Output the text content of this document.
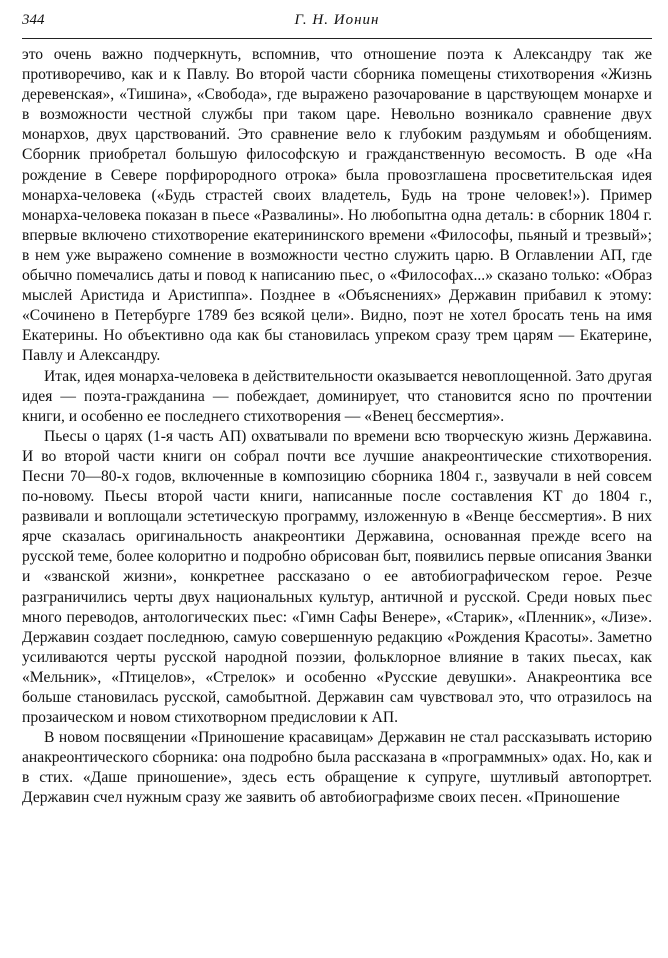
344	Г. Н. Ионин

это очень важно подчеркнуть, вспомнив, что отношение поэта к Александру так же противоречиво, как и к Павлу. Во второй части сборника помещены стихотворения «Жизнь деревенская», «Тишина», «Свобода», где выражено разочарование в царствующем монархе и в возможности честной службы при таком царе. Невольно возникало сравнение двух монархов, двух царствований. Это сравнение вело к глубоким раздумьям и обобщениям. Сборник приобретал большую философскую и гражданственную весомость. В оде «На рождение в Севере порфирородного отрока» была провозглашена просветительская идея монарха-человека («Будь страстей своих владетель, Будь на троне человек!»). Пример монарха-человека показан в пьесе «Развалины». Но любопытна одна деталь: в сборник 1804 г. впервые включено стихотворение екатерининского времени «Философы, пьяный и трезвый»; в нем уже выражено сомнение в возможности честно служить царю. В Оглавлении АП, где обычно помечались даты и повод к написанию пьес, о «Философах...» сказано только: «Образ мыслей Аристида и Аристиппа». Позднее в «Объяснениях» Державин прибавил к этому: «Сочинено в Петербурге 1789 без всякой цели». Видно, поэт не хотел бросать тень на имя Екатерины. Но объективно ода как бы становилась упреком сразу трем царям — Екатерине, Павлу и Александру.

Итак, идея монарха-человека в действительности оказывается невоплощенной. Зато другая идея — поэта-гражданина — побеждает, доминирует, что становится ясно по прочтении книги, и особенно ее последнего стихотворения — «Венец бессмертия».

Пьесы о царях (1-я часть АП) охватывали по времени всю творческую жизнь Державина. И во второй части книги он собрал почти все лучшие анакреонтические стихотворения. Песни 70—80-х годов, включенные в композицию сборника 1804 г., зазвучали в ней совсем по-новому. Пьесы второй части книги, написанные после составления КТ до 1804 г., развивали и воплощали эстетическую программу, изложенную в «Венце бессмертия». В них ярче сказалась оригинальность анакреонтики Державина, основанная прежде всего на русской теме, более колоритно и подробно обрисован быт, появились первые описания Званки и «званской жизни», конкретнее рассказано о ее автобиографическом герое. Резче разграничились черты двух национальных культур, античной и русской. Среди новых пьес много переводов, антологических пьес: «Гимн Сафы Венере», «Старик», «Пленник», «Лизе». Державин создает последнюю, самую совершенную редакцию «Рождения Красоты». Заметно усиливаются черты русской народной поэзии, фольклорное влияние в таких пьесах, как «Мельник», «Птицелов», «Стрелок» и особенно «Русские девушки». Анакреонтика все больше становилась русской, самобытной. Державин сам чувствовал это, что отразилось на прозаическом и новом стихотворном предисловии к АП.

В новом посвящении «Приношение красавицам» Державин не стал рассказывать историю анакреонтического сборника: она подробно была рассказана в «программных» одах. Но, как и в стих. «Даше приношение», здесь есть обращение к супруге, шутливый автопортрет. Державин счел нужным сразу же заявить об автобиографизме своих песен. «Приношение
